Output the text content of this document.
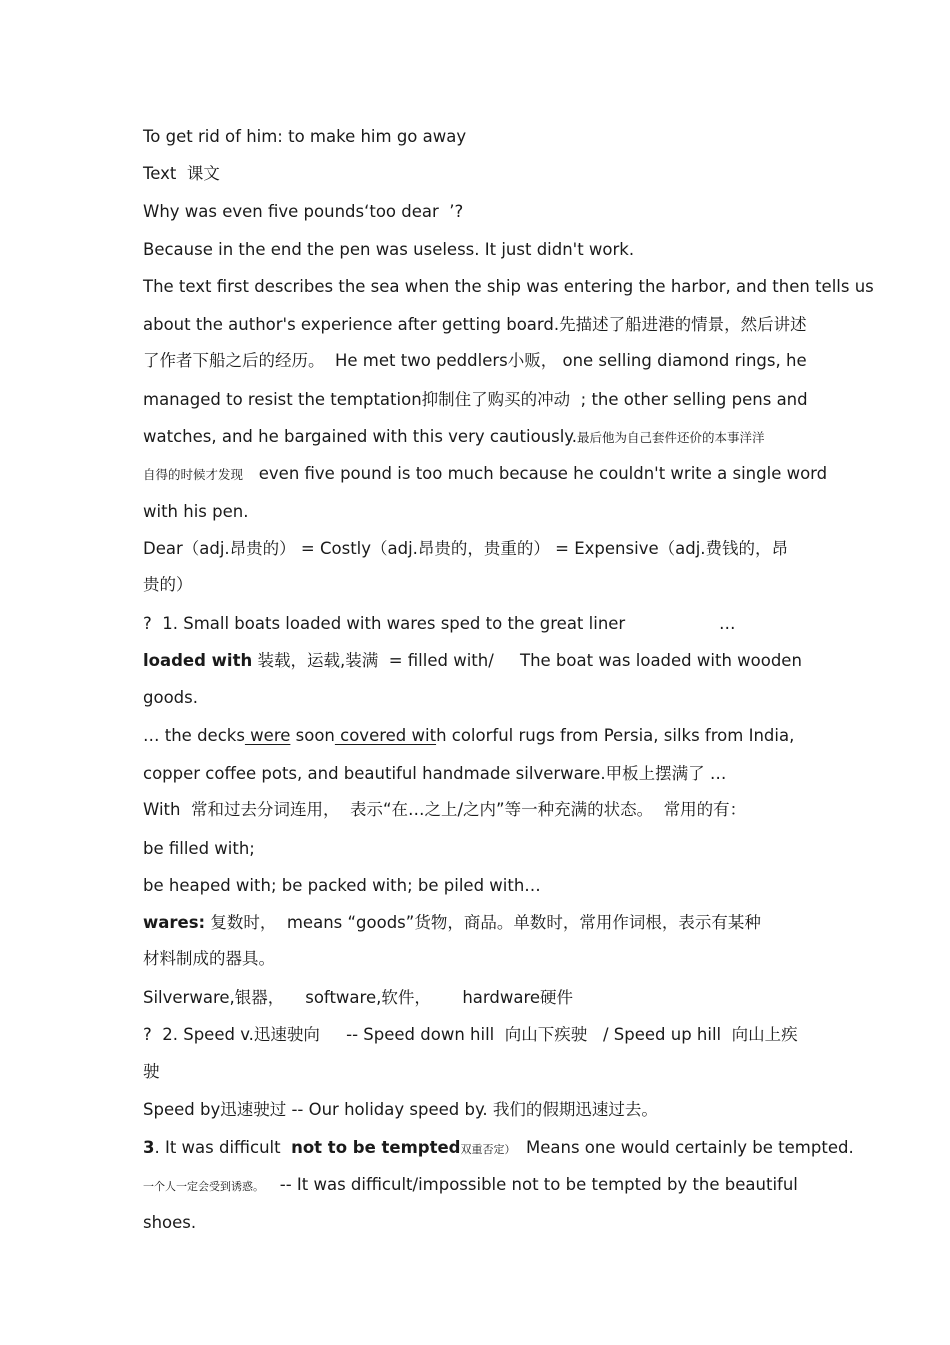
To get rid of him: to make him go away
Text  课文
Why was even five pounds‘too dear  ’?
Because in the end the pen was useless. It just didn't work.
The text first describes the sea when the ship was entering the harbor, and then tells us
about the author's experience after getting board.先描述了船进港的情景，然后讲述
了作者下船之后的经历。  He met two peddlers小贩， one selling diamond rings, he
managed to resist the temptation抑制住了购买的冲动  ; the other selling pens and
watches, and he bargained with this very cautiously.最后他为自己套件还价的本事洋洋
自得的时候才发现   even five pound is too much because he couldn't write a single word
with his pen.
Dear（adj.昂贵的） = Costly（adj.昂贵的，贵重的） = Expensive（adj.费钱的，昂
贵的）
?  1. Small boats loaded with wares sped to the great liner	…
loaded with 装载，运载,装满  = filled with/     The boat was loaded with wooden
goods.
… the decks were soon covered with colorful rugs from Persia, silks from India,
copper coffee pots, and beautiful handmade silverware.甲板上摆满了 …
With  常和过去分词连用，  表示“在…之上/之内”等一种充满的状态。  常用的有：
be filled with;
be heaped with; be packed with; be piled with…
wares: 复数时，  means “goods”货物，商品。单数时，常用作词根，表示有某种
材料制成的器具。
Silverware,银器，    software,软件，      hardware硬件
?  2. Speed v.迅速驶向     -- Speed down hill  向山下疾驶   / Speed up hill  向山上疾
驶
Speed by迅速驶过 -- Our holiday speed by. 我们的假期迅速过去。
3. It was difficult  not to be tempted双重否定）  Means one would certainly be tempted.
一个人一定会受到诱惑。   -- It was difficult/impossible not to be tempted by the beautiful
shoes.
